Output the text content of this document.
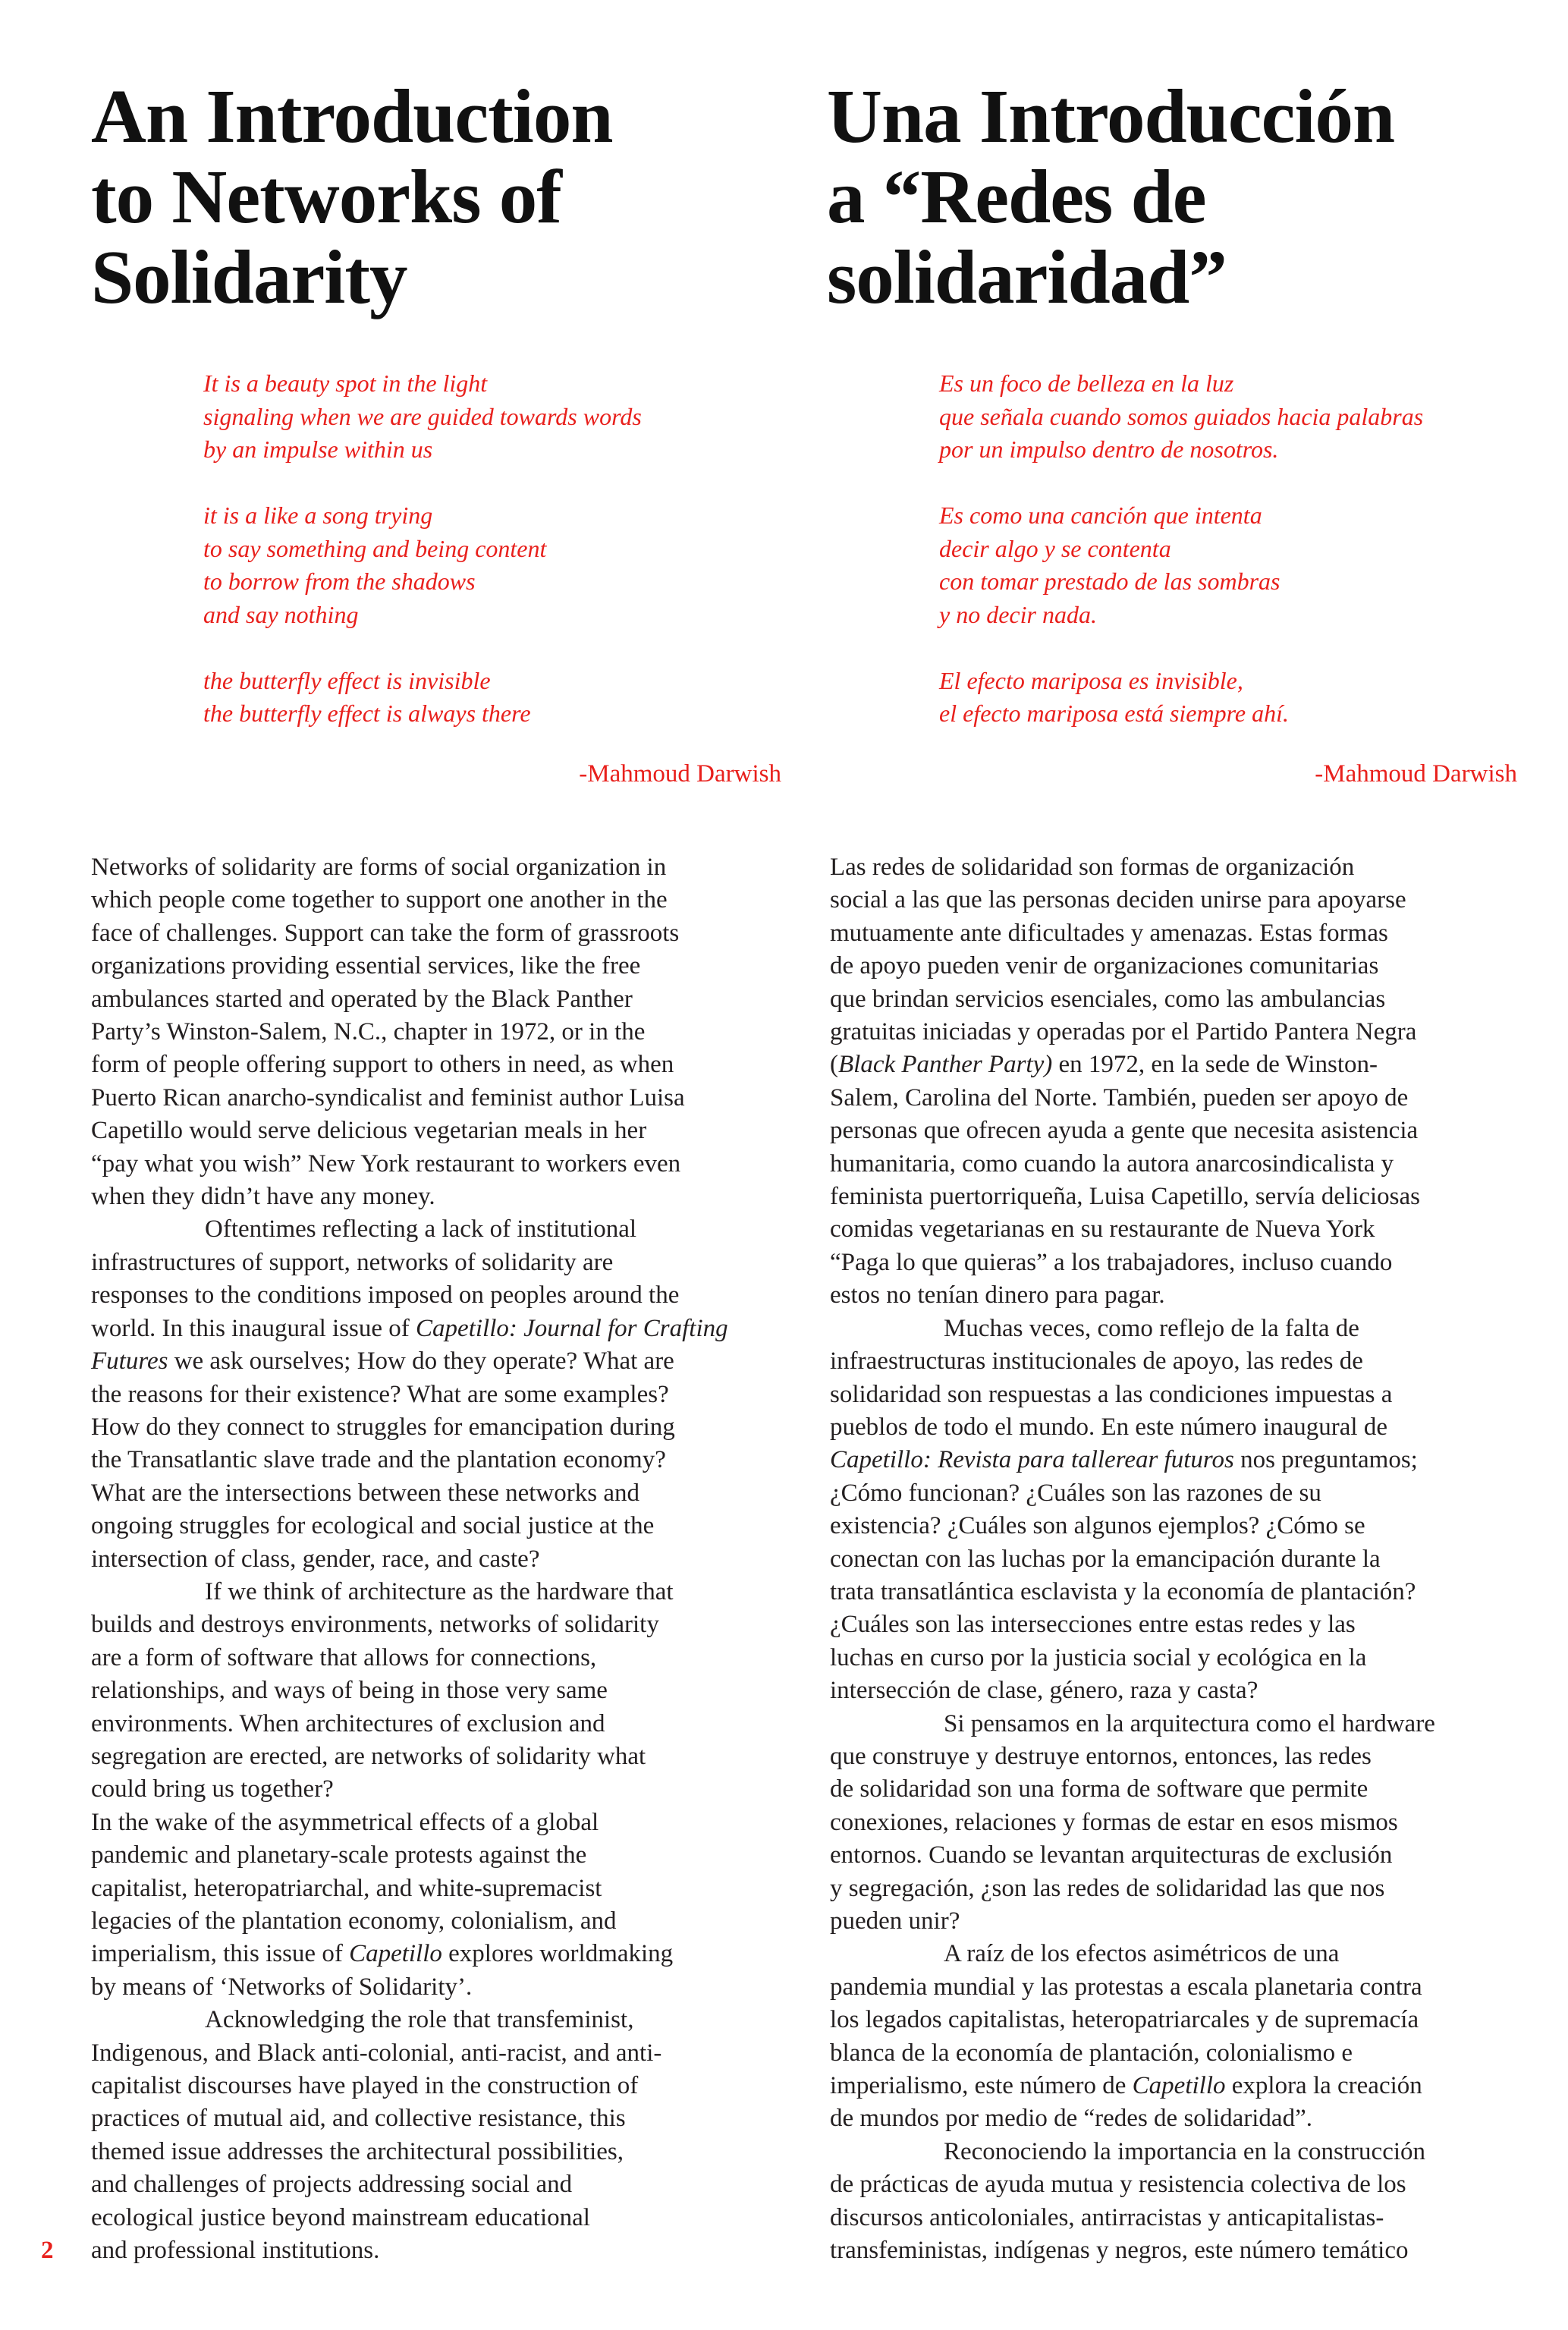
An Introduction
to Networks of
Solidarity
Una Introducción
a “Redes de
solidaridad”
It is a beauty spot in the light
signaling when we are guided towards words
by an impulse within us
it is a like a song trying
to say something and being content
to borrow from the shadows
and say nothing
the butterfly effect is invisible
the butterfly effect is always there
Es un foco de belleza en la luz
que señala cuando somos guiados hacia palabras
por un impulso dentro de nosotros.
Es como una canción que intenta
decir algo y se contenta
con tomar prestado de las sombras
y no decir nada.
El efecto mariposa es invisible,
el efecto mariposa está siempre ahí.
-Mahmoud Darwish	-Mahmoud Darwish
Networks of solidarity are forms of social organization in
which people come together to support one another in the
face of challenges. Support can take the form of grassroots
organizations providing essential services, like the free
ambulances started and operated by the Black Panther
Party’s Winston-Salem, N.C., chapter in 1972, or in the
form of people offering support to others in need, as when
Puerto Rican anarcho-syndicalist and feminist author Luisa
Capetillo would serve delicious vegetarian meals in her
“pay what you wish” New York restaurant to workers even
when they didn’t have any money.
Oftentimes reflecting a lack of institutional
infrastructures of support, networks of solidarity are
responses to the conditions imposed on peoples around the
world. In this inaugural issue of Capetillo: Journal for Crafting
Futures we ask ourselves; How do they operate? What are
the reasons for their existence? What are some examples?
How do they connect to struggles for emancipation during
the Transatlantic slave trade and the plantation economy?
What are the intersections between these networks and
ongoing struggles for ecological and social justice at the
intersection of class, gender, race, and caste?
If we think of architecture as the hardware that
builds and destroys environments, networks of solidarity
are a form of software that allows for connections,
relationships, and ways of being in those very same
environments. When architectures of exclusion and
segregation are erected, are networks of solidarity what
could bring us together?
In the wake of the asymmetrical effects of a global
pandemic and planetary-scale protests against the
capitalist, heteropatriarchal, and white-supremacist
legacies of the plantation economy, colonialism, and
imperialism, this issue of Capetillo explores worldmaking
by means of ‘Networks of Solidarity’.
Acknowledging the role that transfeminist,
Indigenous, and Black anti-colonial, anti-racist, and anti-
capitalist discourses have played in the construction of
practices of mutual aid, and collective resistance, this
themed issue addresses the architectural possibilities,
and challenges of projects addressing social and
ecological justice beyond mainstream educational
and professional institutions.
Las redes de solidaridad son formas de organización
social a las que las personas deciden unirse para apoyarse
mutuamente ante dificultades y amenazas. Estas formas
de apoyo pueden venir de organizaciones comunitarias
que brindan servicios esenciales, como las ambulancias
gratuitas iniciadas y operadas por el Partido Pantera Negra
(Black Panther Party) en 1972, en la sede de Winston-
Salem, Carolina del Norte. También, pueden ser apoyo de
personas que ofrecen ayuda a gente que necesita asistencia
humanitaria, como cuando la autora anarcosindicalista y
feminista puertorriqueña, Luisa Capetillo, servía deliciosas
comidas vegetarianas en su restaurante de Nueva York
“Paga lo que quieras” a los trabajadores, incluso cuando
estos no tenían dinero para pagar.
Muchas veces, como reflejo de la falta de
infraestructuras institucionales de apoyo, las redes de
solidaridad son respuestas a las condiciones impuestas a
pueblos de todo el mundo. En este número inaugural de
Capetillo: Revista para tallerear futuros nos preguntamos;
¿Cómo funcionan? ¿Cuáles son las razones de su
existencia? ¿Cuáles son algunos ejemplos? ¿Cómo se
conectan con las luchas por la emancipación durante la
trata transatlántica esclavista y la economía de plantación?
¿Cuáles son las intersecciones entre estas redes y las
luchas en curso por la justicia social y ecológica en la
intersección de clase, género, raza y casta?
Si pensamos en la arquitectura como el hardware
que construye y destruye entornos, entonces, las redes
de solidaridad son una forma de software que permite
conexiones, relaciones y formas de estar en esos mismos
entornos. Cuando se levantan arquitecturas de exclusión
y segregación, ¿son las redes de solidaridad las que nos
pueden unir?
A raíz de los efectos asimétricos de una
pandemia mundial y las protestas a escala planetaria contra
los legados capitalistas, heteropatriarcales y de supremacía
blanca de la economía de plantación, colonialismo e
imperialismo, este número de Capetillo explora la creación
de mundos por medio de “redes de solidaridad”.
Reconociendo la importancia en la construcción
de prácticas de ayuda mutua y resistencia colectiva de los
discursos anticoloniales, antirracistas y anticapitalistas-
transfeministas, indígenas y negros, este número temático
2
